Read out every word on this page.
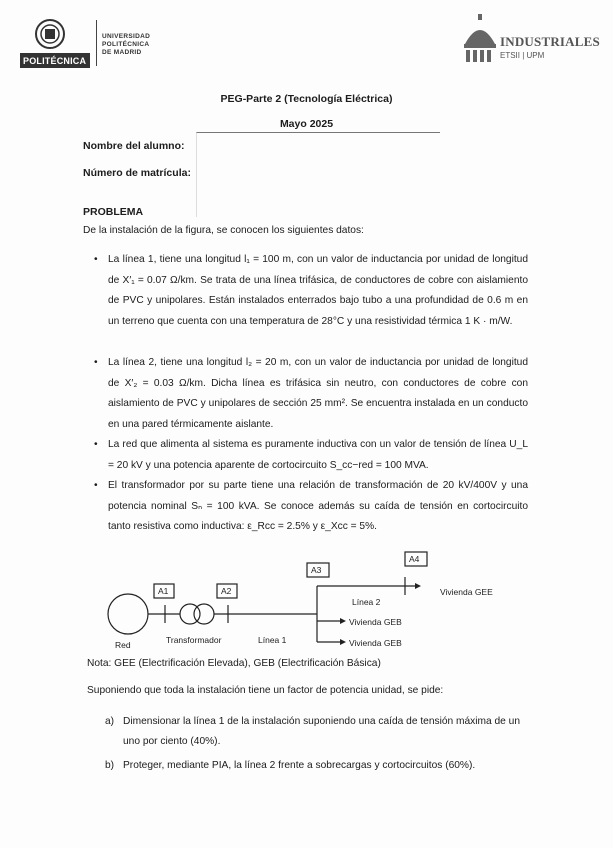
POLITÉCNICA
UNIVERSIDAD
POLITÉCNICA
DE MADRID
INDUSTRIALES
ETSII | UPM
PEG-Parte 2 (Tecnología Eléctrica)
Mayo 2025
Nombre del alumno:
Número de matrícula:
PROBLEMA
De la instalación de la figura, se conocen los siguientes datos:
• La línea 1, tiene una longitud l₁ = 100 m, con un valor de inductancia por unidad de longitud de X′₁ = 0.07 Ω/km. Se trata de una línea trifásica, de conductores de cobre con aislamiento de PVC y unipolares. Están instalados enterrados bajo tubo a una profundidad de 0.6 m en un terreno que cuenta con una temperatura de 28°C y una resistividad térmica 1 K · m/W.
• La línea 2, tiene una longitud l₂ = 20 m, con un valor de inductancia por unidad de longitud de X′₂ = 0.03 Ω/km. Dicha línea es trifásica sin neutro, con conductores de cobre con aislamiento de PVC y unipolares de sección 25 mm². Se encuentra instalada en un conducto en una pared térmicamente aislante.
• La red que alimenta al sistema es puramente inductiva con un valor de tensión de línea U_L = 20 kV y una potencia aparente de cortocircuito S_cc−red = 100 MVA.
• El transformador por su parte tiene una relación de transformación de 20 kV/400V y una potencia nominal Sₙ = 100 kVA. Se conoce además su caída de tensión en cortocircuito tanto resistiva como inductiva: ε_Rcc = 2.5% y ε_Xcc = 5%.
A1	A2
A3
A4
Vivienda GEE
Línea 2
Vivienda GEB
Vivienda GEB
Transformador	Línea 1
Red
Nota: GEE (Electrificación Elevada), GEB (Electrificación Básica)
Suponiendo que toda la instalación tiene un factor de potencia unidad, se pide:
a) Dimensionar la línea 1 de la instalación suponiendo una caída de tensión máxima de un uno por ciento (40%).
b) Proteger, mediante PIA, la línea 2 frente a sobrecargas y cortocircuitos (60%).
